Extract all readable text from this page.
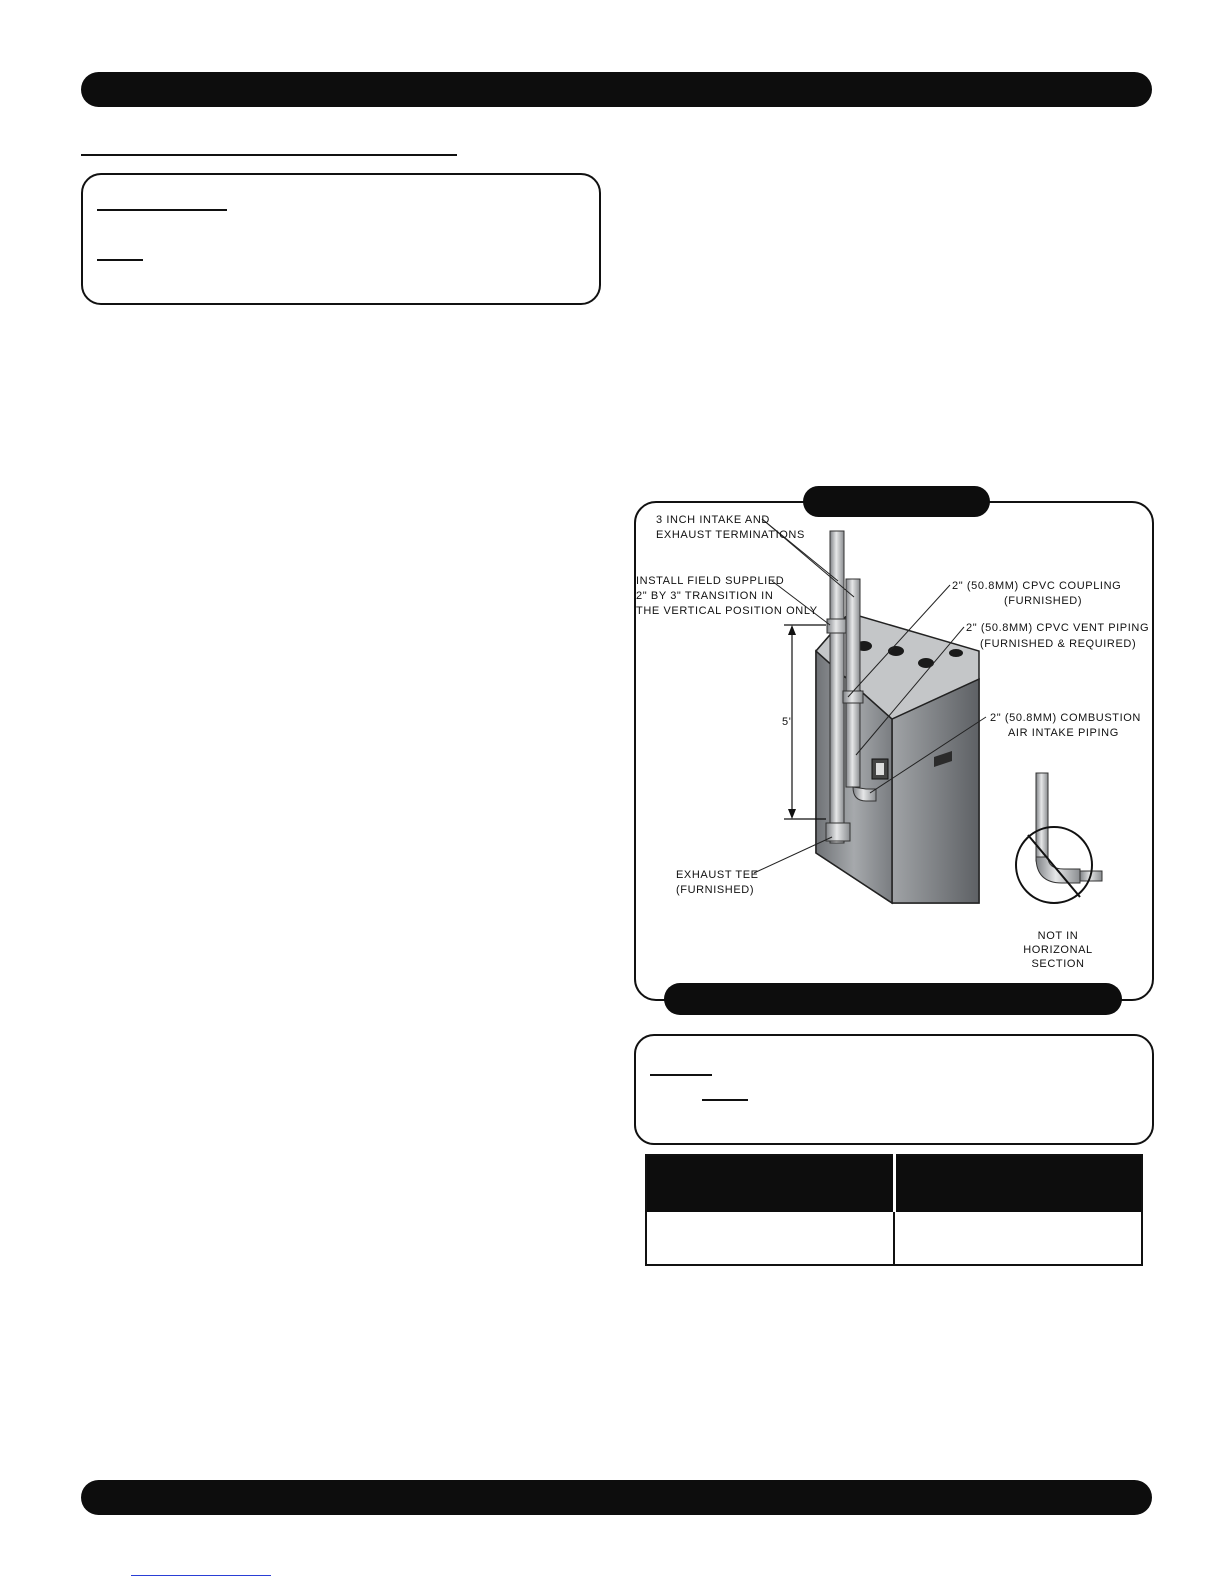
5'
3 INCH INTAKE AND
EXHAUST TERMINATIONS
INSTALL FIELD SUPPLIED
2" BY 3" TRANSITION IN
THE VERTICAL POSITION ONLY
2" (50.8MM) CPVC COUPLING
(FURNISHED)
2" (50.8MM) CPVC VENT PIPING
(FURNISHED & REQUIRED)
2" (50.8MM) COMBUSTION
AIR INTAKE PIPING
EXHAUST TEE
(FURNISHED)
NOT IN
HORIZONAL
SECTION
